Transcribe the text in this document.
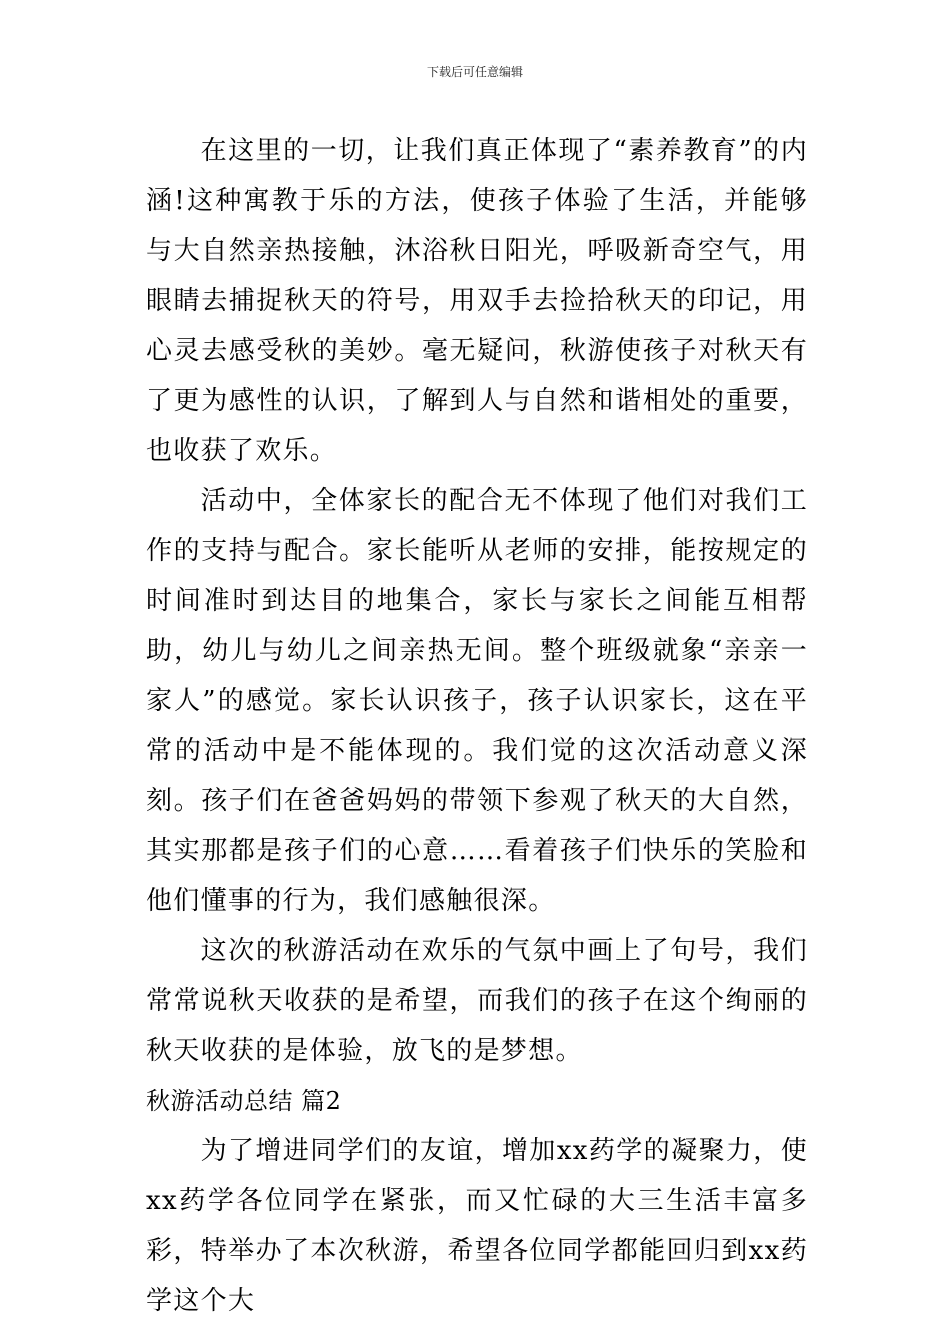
下载后可任意编辑

在这里的一切，让我们真正体现了“素养教育”的内涵!这种寓教于乐的方法，使孩子体验了生活，并能够与大自然亲热接触，沐浴秋日阳光，呼吸新奇空气，用眼睛去捕捉秋天的符号，用双手去捡拾秋天的印记，用心灵去感受秋的美妙。毫无疑问，秋游使孩子对秋天有了更为感性的认识，了解到人与自然和谐相处的重要，也收获了欢乐。

活动中，全体家长的配合无不体现了他们对我们工作的支持与配合。家长能听从老师的安排，能按规定的时间准时到达目的地集合，家长与家长之间能互相帮助，幼儿与幼儿之间亲热无间。整个班级就象“亲亲一家人”的感觉。家长认识孩子，孩子认识家长，这在平常的活动中是不能体现的。我们觉的这次活动意义深刻。孩子们在爸爸妈妈的带领下参观了秋天的大自然，其实那都是孩子们的心意……看着孩子们快乐的笑脸和他们懂事的行为，我们感触很深。

这次的秋游活动在欢乐的气氛中画上了句号，我们常常说秋天收获的是希望，而我们的孩子在这个绚丽的秋天收获的是体验，放飞的是梦想。

秋游活动总结 篇2

为了增进同学们的友谊，增加xx药学的凝聚力，使xx药学各位同学在紧张，而又忙碌的大三生活丰富多彩，特举办了本次秋游，希望各位同学都能回归到xx药学这个大
